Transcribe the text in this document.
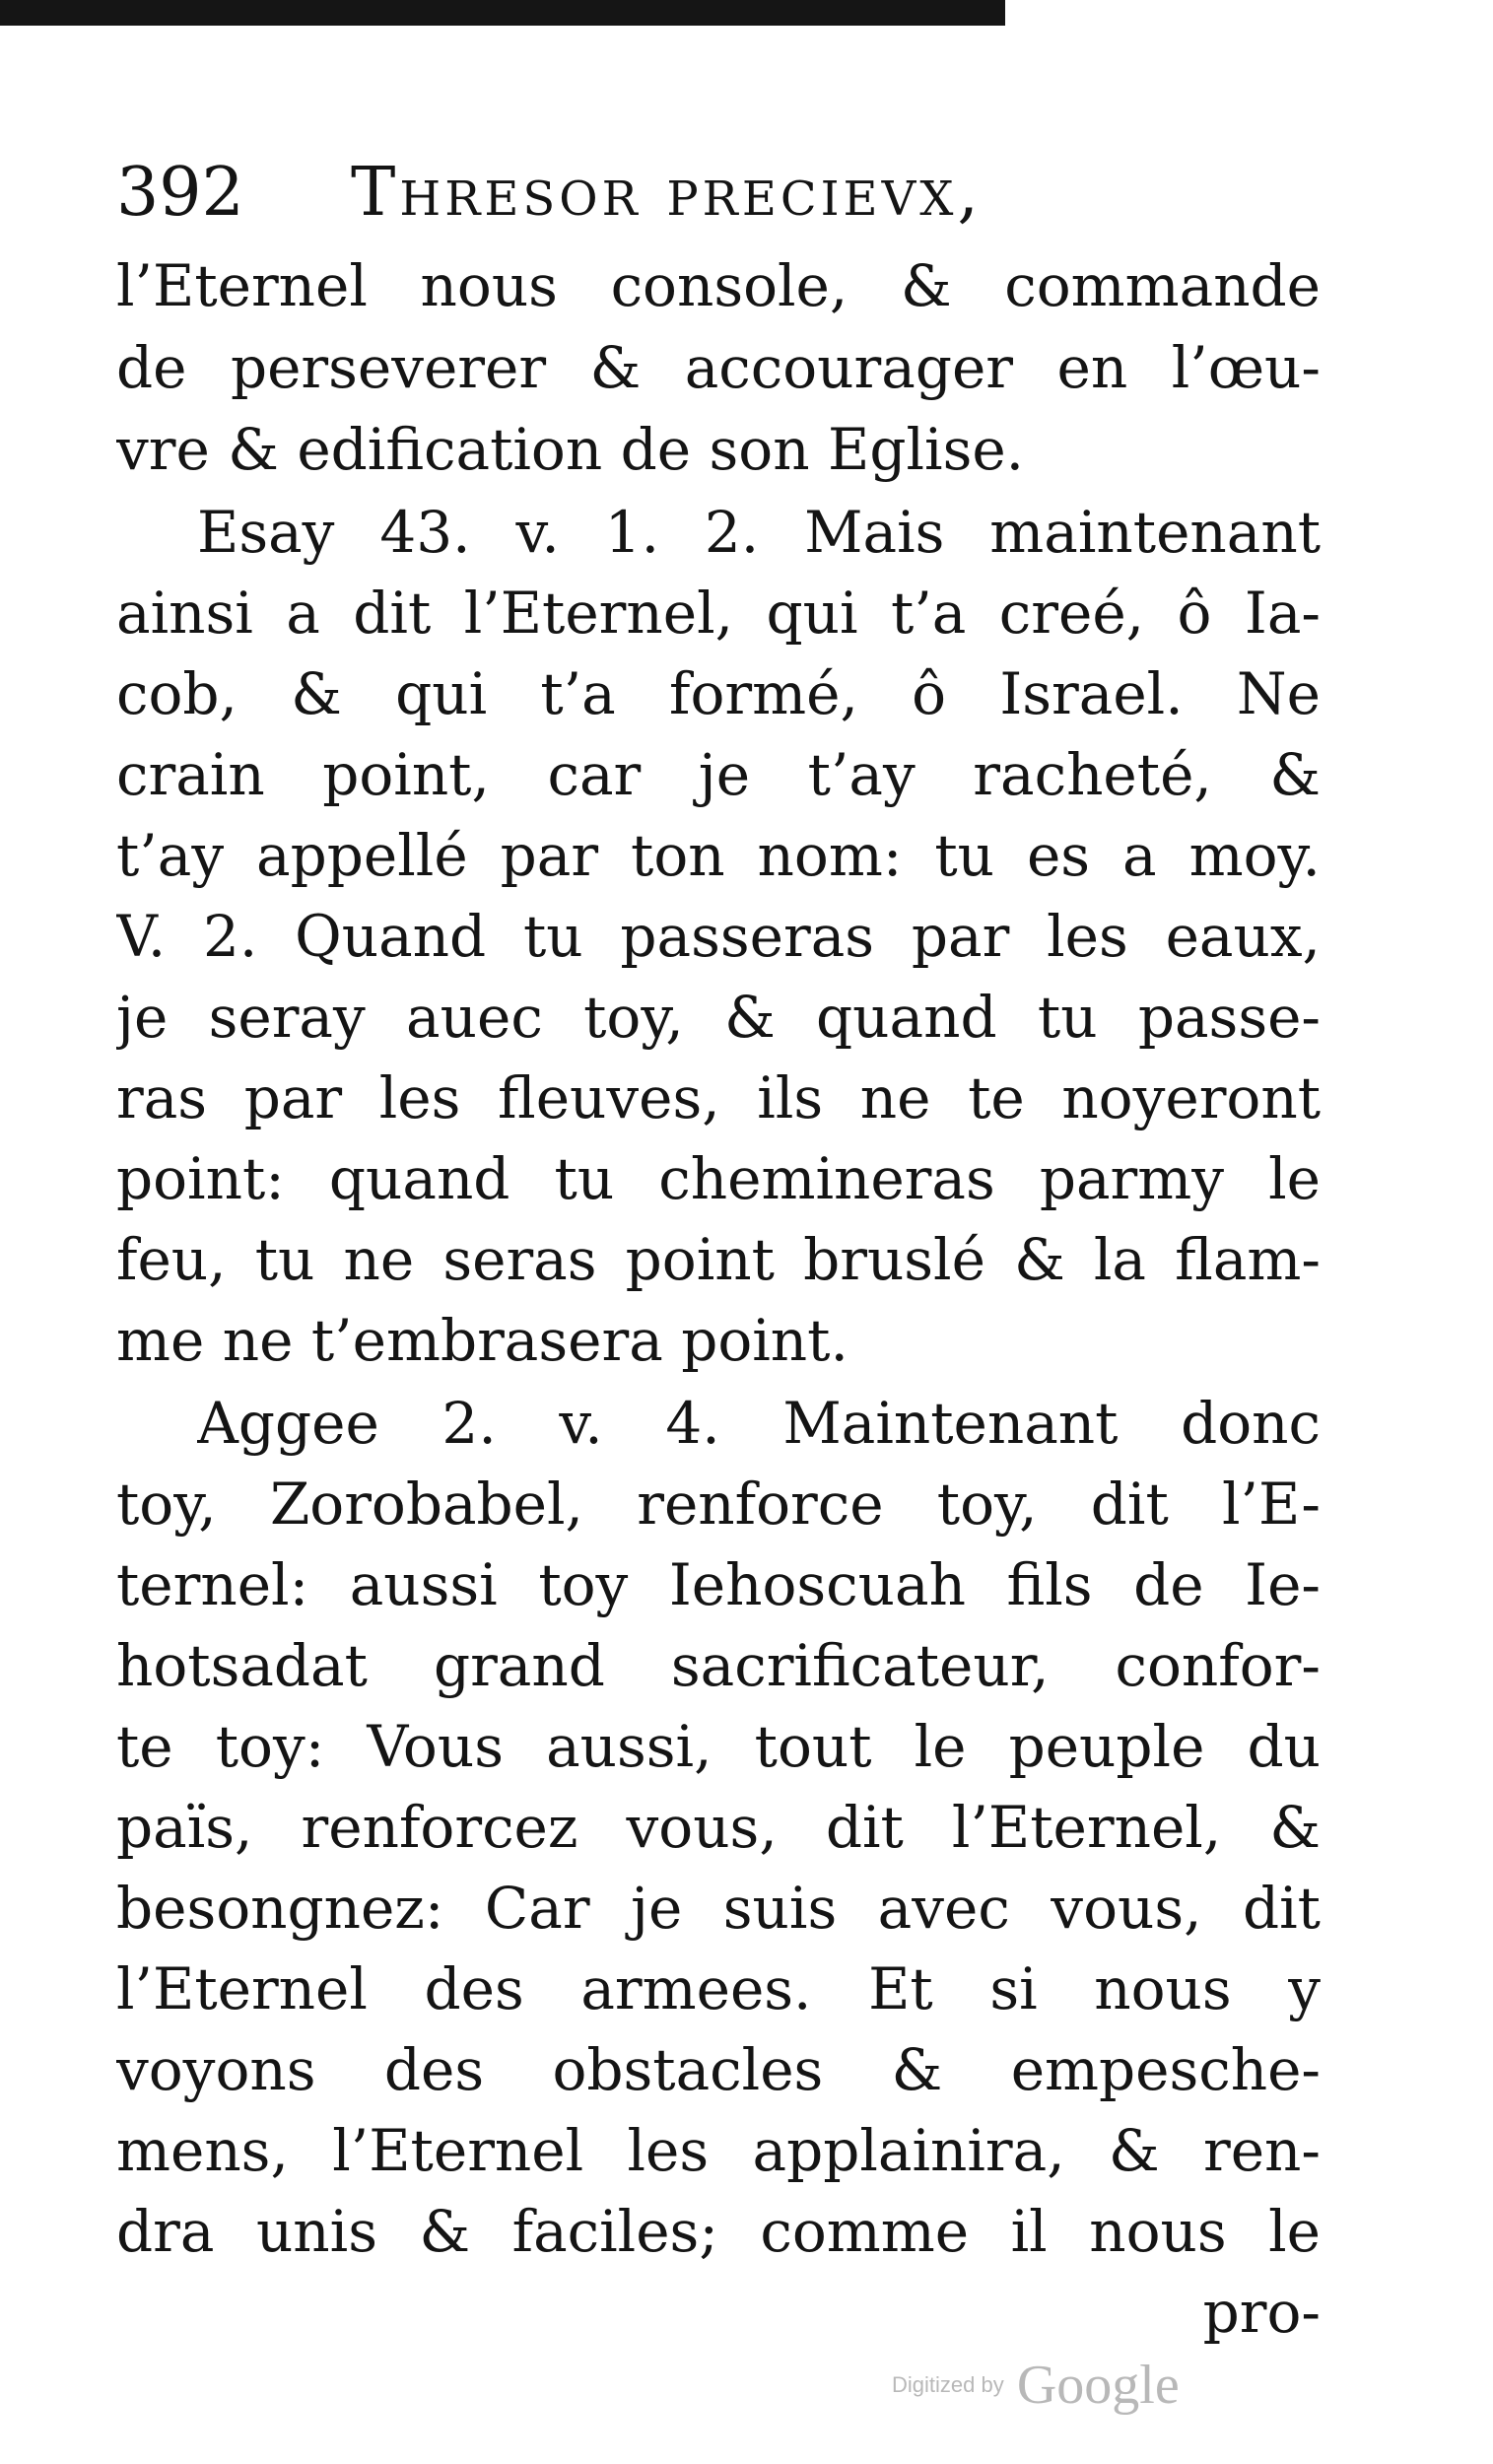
392 Thresor precievx,
l’Eternel nous console, & commande
de perseverer & accourager en l’œu-
vre & edification de son Eglise.
Esay 43. v. 1. 2. Mais maintenant
ainsi a dit l’Eternel, qui t’a creé, ô Ia-
cob, & qui t’a formé, ô Israel. Ne
crain point, car je t’ay racheté, &
t’ay appellé par ton nom: tu es a moy.
V. 2. Quand tu passeras par les eaux,
je seray auec toy, & quand tu passe-
ras par les fleuves, ils ne te noyeront
point: quand tu chemineras parmy le
feu, tu ne seras point bruslé & la flam-
me ne t’embrasera point.
Aggee 2. v. 4. Maintenant donc
toy, Zorobabel, renforce toy, dit l’E-
ternel: aussi toy Iehoscuah fils de Ie-
hotsadat grand sacrificateur, confor-
te toy: Vous aussi, tout le peuple du
païs, renforcez vous, dit l’Eternel, &
besongnez: Car je suis avec vous, dit
l’Eternel des armees. Et si nous y
voyons des obstacles & empesche-
mens, l’Eternel les applainira, & ren-
dra unis & faciles; comme il nous le
pro-
Digitized by Google
